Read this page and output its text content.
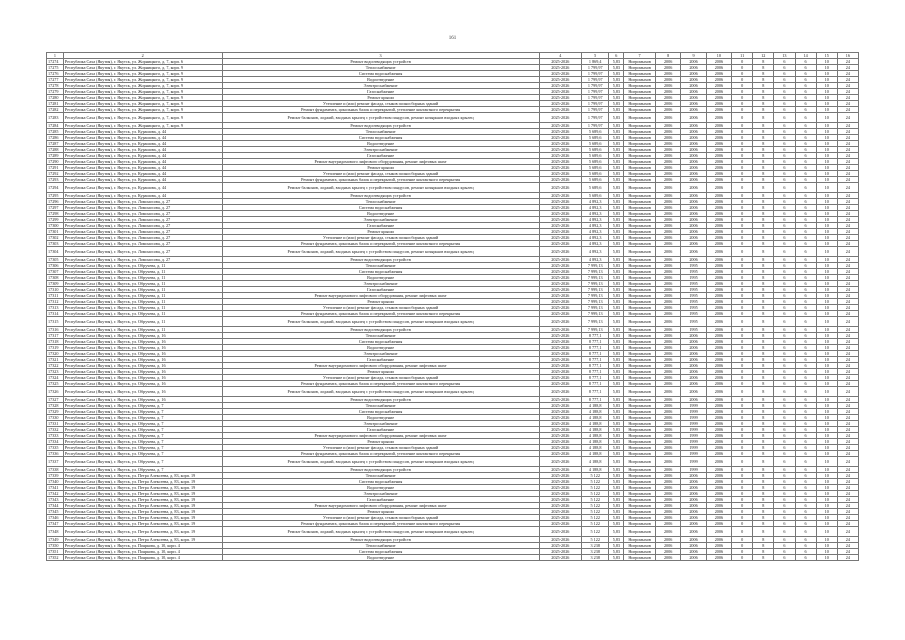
161
1	2	3	4	5	6	7	8	9	10	11	12	13	14	15	16
17274	Республика Саха (Якутия), г. Якутск, ул. Жорницкого, д. 7, корп. 6	Ремонт водоотводящих устройств	2025-2026	1 869,4	5,83	Нигромыхов	2006	2006	2006	0	8	6	6	10	24
17275	Республика Саха (Якутия), г. Якутск, ул. Жорницкого, д. 7, корп. 9	Теплоснабжение	2025-2026	1 799,97	5,83	Нигромыхов	2006	2006	2006	0	8	6	6	10	24
17276	Республика Саха (Якутия), г. Якутск, ул. Жорницкого, д. 7, корп. 9	Система водоснабжения	2025-2026	1 799,97	5,83	Нигромыхов	2006	2006	2006	0	8	6	6	10	24
17277	Республика Саха (Якутия), г. Якутск, ул. Жорницкого, д. 7, корп. 9	Водоотведение	2025-2026	1 799,97	5,83	Нигромыхов	2006	2006	2006	0	8	6	6	10	24
17278	Республика Саха (Якутия), г. Якутск, ул. Жорницкого, д. 7, корп. 9	Электроснабжение	2025-2026	1 799,97	5,83	Нигромыхов	2006	2006	2006	0	8	6	6	10	24
17279	Республика Саха (Якутия), г. Якутск, ул. Жорницкого, д. 7, корп. 9	Газоснабжение	2025-2026	1 799,97	5,83	Нигромыхов	2006	2006	2006	0	8	6	6	10	24
17280	Республика Саха (Якутия), г. Якутск, ул. Жорницкого, д. 7, корп. 9	Ремонт крыши	2025-2026	1 799,97	5,83	Нигромыхов	2006	2006	2006	0	8	6	6	10	24
17281	Республика Саха (Якутия), г. Якутск, ул. Жорницкого, д. 7, корп. 9	Утепление и (или) ремонт фасада, стыков полносборных зданий	2025-2026	1 799,97	5,83	Нигромыхов	2006	2006	2006	0	8	6	6	10	24
17282	Республика Саха (Якутия), г. Якутск, ул. Жорницкого, д. 7, корп. 9	Ремонт фундамента, цокольных балок и перекрытий, утепление контактного перекрытия	2025-2026	1 799,97	5,83	Нигромыхов	2006	2006	2006	0	8	6	6	10	24
17283	Республика Саха (Якутия), г. Якутск, ул. Жорницкого, д. 7, корп. 9	Ремонт балконов, лоджий, входных крылец с устройством пандусов, ремонт козырьков входных крылец	2025-2026	1 799,97	5,83	Нигромыхов	2006	2006	2006	0	8	6	6	10	24
17284	Республика Саха (Якутия), г. Якутск, ул. Жорницкого, д. 7, корп. 9	Ремонт водоотводящих устройств	2025-2026	1 799,97	5,83	Нигромыхов	2006	2006	2006	0	8	6	6	10	24
17285	Республика Саха (Якутия), г. Якутск, ул. Курашова, д. 44	Теплоснабжение	2025-2026	5 689,6	5,83	Нигромыхов	2006	2006	2006	0	8	6	6	10	24
17286	Республика Саха (Якутия), г. Якутск, ул. Курашова, д. 44	Система водоснабжения	2025-2026	5 689,6	5,83	Нигромыхов	2006	2006	2006	0	8	6	6	10	24
17287	Республика Саха (Якутия), г. Якутск, ул. Курашова, д. 44	Водоотведение	2025-2026	5 689,6	5,83	Нигромыхов	2006	2006	2006	0	8	6	6	10	24
17288	Республика Саха (Якутия), г. Якутск, ул. Курашова, д. 44	Электроснабжение	2025-2026	5 689,6	5,83	Нигромыхов	2006	2006	2006	0	8	6	6	10	24
17289	Республика Саха (Якутия), г. Якутск, ул. Курашова, д. 44	Газоснабжение	2025-2026	5 689,6	5,83	Нигромыхов	2006	2006	2006	0	8	6	6	10	24
17290	Республика Саха (Якутия), г. Якутск, ул. Курашова, д. 44	Ремонт внутридомового лифтового оборудования, ремонт лифтовых шахт	2025-2026	5 689,6	5,83	Нигромыхов	2006	2006	2006	0	8	6	6	10	24
17291	Республика Саха (Якутия), г. Якутск, ул. Курашова, д. 44	Ремонт крыши	2025-2026	5 689,6	5,83	Нигромыхов	2006	2006	2006	0	8	6	6	10	24
17292	Республика Саха (Якутия), г. Якутск, ул. Курашова, д. 44	Утепление и (или) ремонт фасада, стыков полносборных зданий	2025-2026	5 689,6	5,83	Нигромыхов	2006	2006	2006	0	8	6	6	10	24
17293	Республика Саха (Якутия), г. Якутск, ул. Курашова, д. 44	Ремонт фундамента, цокольных балок и перекрытий, утепление контактного перекрытия	2025-2026	5 689,6	5,83	Нигромыхов	2006	2006	2006	0	8	6	6	10	24
17294	Республика Саха (Якутия), г. Якутск, ул. Курашова, д. 44	Ремонт балконов, лоджий, входных крылец с устройством пандусов, ремонт козырьков входных крылец	2025-2026	5 689,6	5,83	Нигромыхов	2006	2006	2006	0	8	6	6	10	24
17295	Республика Саха (Якутия), г. Якутск, ул. Курашова, д. 44	Ремонт водоотводящих устройств	2025-2026	5 689,6	5,83	Нигромыхов	2006	2006	2006	0	8	6	6	10	24
17296	Республика Саха (Якутия), г. Якутск, ул. Ломоносова, д. 27	Теплоснабжение	2025-2026	4 892,3	5,83	Нигромыхов	2006	2006	2006	0	8	6	6	10	24
17297	Республика Саха (Якутия), г. Якутск, ул. Ломоносова, д. 27	Система водоснабжения	2025-2026	4 892,3	5,83	Нигромыхов	2006	2006	2006	0	8	6	6	10	24
17298	Республика Саха (Якутия), г. Якутск, ул. Ломоносова, д. 27	Водоотведение	2025-2026	4 892,3	5,83	Нигромыхов	2006	2006	2006	0	8	6	6	10	24
17299	Республика Саха (Якутия), г. Якутск, ул. Ломоносова, д. 27	Электроснабжение	2025-2026	4 892,3	5,83	Нигромыхов	2006	2006	2006	0	8	6	6	10	24
17300	Республика Саха (Якутия), г. Якутск, ул. Ломоносова, д. 27	Газоснабжение	2025-2026	4 892,3	5,83	Нигромыхов	2006	2006	2006	0	8	6	6	10	24
17301	Республика Саха (Якутия), г. Якутск, ул. Ломоносова, д. 27	Ремонт крыши	2025-2026	4 892,3	5,83	Нигромыхов	2006	2006	2006	0	8	6	6	10	24
17302	Республика Саха (Якутия), г. Якутск, ул. Ломоносова, д. 27	Утепление и (или) ремонт фасада, стыков полносборных зданий	2025-2026	4 892,3	5,83	Нигромыхов	2006	2006	2006	0	8	6	6	10	24
17303	Республика Саха (Якутия), г. Якутск, ул. Ломоносова, д. 27	Ремонт фундамента, цокольных балок и перекрытий, утепление контактного перекрытия	2025-2026	4 892,3	5,83	Нигромыхов	2006	2006	2006	0	8	6	6	10	24
17304	Республика Саха (Якутия), г. Якутск, ул. Ломоносова, д. 27	Ремонт балконов, лоджий, входных крылец с устройством пандусов, ремонт козырьков входных крылец	2025-2026	4 892,3	5,83	Нигромыхов	2006	2006	2006	0	8	6	6	10	24
17305	Республика Саха (Якутия), г. Якутск, ул. Ломоносова, д. 27	Ремонт водоотводящих устройств	2025-2026	4 892,3	5,83	Нигромыхов	2006	2006	2006	0	8	6	6	10	24
17306	Республика Саха (Якутия), г. Якутск, ул. Обручева, д. 11	Теплоснабжение	2025-2026	7 999,13	5,83	Нигромыхов	2006	1995	2006	0	8	6	6	10	24
17307	Республика Саха (Якутия), г. Якутск, ул. Обручева, д. 11	Система водоснабжения	2025-2026	7 999,13	5,83	Нигромыхов	2006	1995	2006	0	8	6	6	10	24
17308	Республика Саха (Якутия), г. Якутск, ул. Обручева, д. 11	Водоотведение	2025-2026	7 999,13	5,83	Нигромыхов	2006	1995	2006	0	8	6	6	10	24
17309	Республика Саха (Якутия), г. Якутск, ул. Обручева, д. 11	Электроснабжение	2025-2026	7 999,13	5,83	Нигромыхов	2006	1995	2006	0	8	6	6	10	24
17310	Республика Саха (Якутия), г. Якутск, ул. Обручева, д. 11	Газоснабжение	2025-2026	7 999,13	5,83	Нигромыхов	2006	1995	2006	0	8	6	6	10	24
17311	Республика Саха (Якутия), г. Якутск, ул. Обручева, д. 11	Ремонт внутридомового лифтового оборудования, ремонт лифтовых шахт	2025-2026	7 999,13	5,83	Нигромыхов	2006	1995	2006	0	8	6	6	10	24
17312	Республика Саха (Якутия), г. Якутск, ул. Обручева, д. 11	Ремонт крыши	2025-2026	7 999,13	5,83	Нигромыхов	2006	1995	2006	0	8	6	6	10	24
17313	Республика Саха (Якутия), г. Якутск, ул. Обручева, д. 11	Утепление и (или) ремонт фасада, стыков полносборных зданий	2025-2026	7 999,13	5,83	Нигромыхов	2006	1995	2006	0	8	6	6	10	24
17314	Республика Саха (Якутия), г. Якутск, ул. Обручева, д. 11	Ремонт фундамента, цокольных балок и перекрытий, утепление контактного перекрытия	2025-2026	7 999,13	5,83	Нигромыхов	2006	1995	2006	0	8	6	6	10	24
17315	Республика Саха (Якутия), г. Якутск, ул. Обручева, д. 11	Ремонт балконов, лоджий, входных крылец с устройством пандусов, ремонт козырьков входных крылец	2025-2026	7 999,13	5,83	Нигромыхов	2006	1995	2006	0	8	6	6	10	24
17316	Республика Саха (Якутия), г. Якутск, ул. Обручева, д. 11	Ремонт водоотводящих устройств	2025-2026	7 999,13	5,83	Нигромыхов	2006	1995	2006	0	8	6	6	10	24
17317	Республика Саха (Якутия), г. Якутск, ул. Обручева, д. 16	Теплоснабжение	2025-2026	8 777,1	5,83	Нигромыхов	2006	2006	2006	0	8	6	6	10	24
17318	Республика Саха (Якутия), г. Якутск, ул. Обручева, д. 16	Система водоснабжения	2025-2026	8 777,1	5,83	Нигромыхов	2006	2006	2006	0	8	6	6	10	24
17319	Республика Саха (Якутия), г. Якутск, ул. Обручева, д. 16	Водоотведение	2025-2026	8 777,1	5,83	Нигромыхов	2006	2006	2006	0	8	6	6	10	24
17320	Республика Саха (Якутия), г. Якутск, ул. Обручева, д. 16	Электроснабжение	2025-2026	8 777,1	5,83	Нигромыхов	2006	2006	2006	0	8	6	6	10	24
17321	Республика Саха (Якутия), г. Якутск, ул. Обручева, д. 16	Газоснабжение	2025-2026	8 777,1	5,83	Нигромыхов	2006	2006	2006	0	8	6	6	10	24
17322	Республика Саха (Якутия), г. Якутск, ул. Обручева, д. 16	Ремонт внутридомового лифтового оборудования, ремонт лифтовых шахт	2025-2026	8 777,1	5,83	Нигромыхов	2006	2006	2006	0	8	6	6	10	24
17323	Республика Саха (Якутия), г. Якутск, ул. Обручева, д. 16	Ремонт крыши	2025-2026	8 777,1	5,83	Нигромыхов	2006	2006	2006	0	8	6	6	10	24
17324	Республика Саха (Якутия), г. Якутск, ул. Обручева, д. 16	Утепление и (или) ремонт фасада, стыков полносборных зданий	2025-2026	8 777,1	5,83	Нигромыхов	2006	2006	2006	0	8	6	6	10	24
17325	Республика Саха (Якутия), г. Якутск, ул. Обручева, д. 16	Ремонт фундамента, цокольных балок и перекрытий, утепление контактного перекрытия	2025-2026	8 777,1	5,83	Нигромыхов	2006	2006	2006	0	8	6	6	10	24
17326	Республика Саха (Якутия), г. Якутск, ул. Обручева, д. 16	Ремонт балконов, лоджий, входных крылец с устройством пандусов, ремонт козырьков входных крылец	2025-2026	8 777,1	5,83	Нигромыхов	2006	2006	2006	0	8	6	6	10	24
17327	Республика Саха (Якутия), г. Якутск, ул. Обручева, д. 16	Ремонт водоотводящих устройств	2025-2026	8 777,1	5,83	Нигромыхов	2006	2006	2006	0	8	6	6	10	24
17328	Республика Саха (Якутия), г. Якутск, ул. Обручева, д. 7	Теплоснабжение	2025-2026	4 188,8	5,83	Нигромыхов	2006	1999	2006	0	8	6	6	10	24
17329	Республика Саха (Якутия), г. Якутск, ул. Обручева, д. 7	Система водоснабжения	2025-2026	4 188,8	5,83	Нигромыхов	2006	1999	2006	0	8	6	6	10	24
17330	Республика Саха (Якутия), г. Якутск, ул. Обручева, д. 7	Водоотведение	2025-2026	4 188,8	5,83	Нигромыхов	2006	1999	2006	0	8	6	6	10	24
17331	Республика Саха (Якутия), г. Якутск, ул. Обручева, д. 7	Электроснабжение	2025-2026	4 188,8	5,83	Нигромыхов	2006	1999	2006	0	8	6	6	10	24
17332	Республика Саха (Якутия), г. Якутск, ул. Обручева, д. 7	Газоснабжение	2025-2026	4 188,8	5,83	Нигромыхов	2006	1999	2006	0	8	6	6	10	24
17333	Республика Саха (Якутия), г. Якутск, ул. Обручева, д. 7	Ремонт внутридомового лифтового оборудования, ремонт лифтовых шахт	2025-2026	4 188,8	5,83	Нигромыхов	2006	1999	2006	0	8	6	6	10	24
17334	Республика Саха (Якутия), г. Якутск, ул. Обручева, д. 7	Ремонт крыши	2025-2026	4 188,8	5,83	Нигромыхов	2006	1999	2006	0	8	6	6	10	24
17335	Республика Саха (Якутия), г. Якутск, ул. Обручева, д. 7	Утепление и (или) ремонт фасада, стыков полносборных зданий	2025-2026	4 188,8	5,83	Нигромыхов	2006	1999	2006	0	8	6	6	10	24
17336	Республика Саха (Якутия), г. Якутск, ул. Обручева, д. 7	Ремонт фундамента, цокольных балок и перекрытий, утепление контактного перекрытия	2025-2026	4 188,8	5,83	Нигромыхов	2006	1999	2006	0	8	6	6	10	24
17337	Республика Саха (Якутия), г. Якутск, ул. Обручева, д. 7	Ремонт балконов, лоджий, входных крылец с устройством пандусов, ремонт козырьков входных крылец	2025-2026	4 188,8	5,83	Нигромыхов	2006	1999	2006	0	8	6	6	10	24
17338	Республика Саха (Якутия), г. Якутск, ул. Обручева, д. 7	Ремонт водоотводящих устройств	2025-2026	4 188,8	5,83	Нигромыхов	2006	1999	2006	0	8	6	6	10	24
17339	Республика Саха (Якутия), г. Якутск, ул. Петра Алексеева, д. 83, корп. 19	Теплоснабжение	2025-2026	5 122	5,83	Нигромыхов	2006	2006	2006	0	8	6	6	10	24
17340	Республика Саха (Якутия), г. Якутск, ул. Петра Алексеева, д. 83, корп. 19	Система водоснабжения	2025-2026	5 122	5,83	Нигромыхов	2006	2006	2006	0	8	6	6	10	24
17341	Республика Саха (Якутия), г. Якутск, ул. Петра Алексеева, д. 83, корп. 19	Водоотведение	2025-2026	5 122	5,83	Нигромыхов	2006	2006	2006	0	8	6	6	10	24
17342	Республика Саха (Якутия), г. Якутск, ул. Петра Алексеева, д. 83, корп. 19	Электроснабжение	2025-2026	5 122	5,83	Нигромыхов	2006	2006	2006	0	8	6	6	10	24
17343	Республика Саха (Якутия), г. Якутск, ул. Петра Алексеева, д. 83, корп. 19	Газоснабжение	2025-2026	5 122	5,83	Нигромыхов	2006	2006	2006	0	8	6	6	10	24
17344	Республика Саха (Якутия), г. Якутск, ул. Петра Алексеева, д. 83, корп. 19	Ремонт внутридомового лифтового оборудования, ремонт лифтовых шахт	2025-2026	5 122	5,83	Нигромыхов	2006	2006	2006	0	8	6	6	10	24
17345	Республика Саха (Якутия), г. Якутск, ул. Петра Алексеева, д. 83, корп. 19	Ремонт крыши	2025-2026	5 122	5,83	Нигромыхов	2006	2006	2006	0	8	6	6	10	24
17346	Республика Саха (Якутия), г. Якутск, ул. Петра Алексеева, д. 83, корп. 19	Утепление и (или) ремонт фасада, стыков полносборных зданий	2025-2026	5 122	5,83	Нигромыхов	2006	2006	2006	0	8	6	6	10	24
17347	Республика Саха (Якутия), г. Якутск, ул. Петра Алексеева, д. 83, корп. 19	Ремонт фундамента, цокольных балок и перекрытий, утепление контактного перекрытия	2025-2026	5 122	5,83	Нигромыхов	2006	2006	2006	0	8	6	6	10	24
17348	Республика Саха (Якутия), г. Якутск, ул. Петра Алексеева, д. 83, корп. 19	Ремонт балконов, лоджий, входных крылец с устройством пандусов, ремонт козырьков входных крылец	2025-2026	5 122	5,83	Нигромыхов	2006	2006	2006	0	8	6	6	10	24
17349	Республика Саха (Якутия), г. Якутск, ул. Петра Алексеева, д. 83, корп. 19	Ремонт водоотводящих устройств	2025-2026	5 122	5,83	Нигромыхов	2006	2006	2006	0	8	6	6	10	24
17350	Республика Саха (Якутия), г. Якутск, ул. Пояркова, д. 10, корп. 4	Теплоснабжение	2025-2026	3 238	5,83	Нигромыхов	2006	2006	2006	0	8	6	6	10	24
17351	Республика Саха (Якутия), г. Якутск, ул. Пояркова, д. 10, корп. 4	Система водоснабжения	2025-2026	3 238	5,83	Нигромыхов	2006	2006	2006	0	8	6	6	10	24
17352	Республика Саха (Якутия), г. Якутск, ул. Пояркова, д. 10, корп. 4	Водоотведение	2025-2026	3 238	5,83	Нигромыхов	2006	2006	2006	0	8	6	6	10	24
